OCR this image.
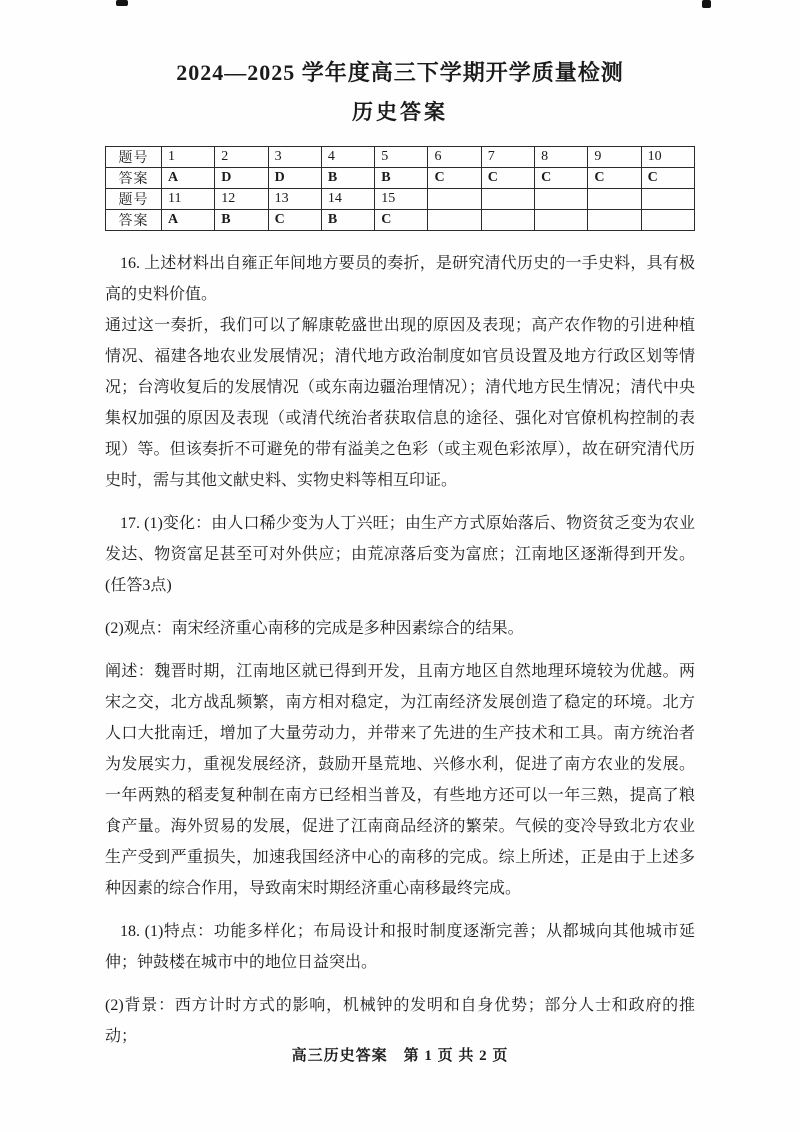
2024—2025 学年度高三下学期开学质量检测
历史答案
题号	1	2	3	4	5	6	7	8	9	10
答案	A	D	D	B	B	C	C	C	C	C
题号	11	12	13	14	15					
答案	A	B	C	B	C					

16. 上述材料出自雍正年间地方要员的奏折，是研究清代历史的一手史料，具有极高的史料价值。

通过这一奏折，我们可以了解康乾盛世出现的原因及表现；高产农作物的引进种植情况、福建各地农业发展情况；清代地方政治制度如官员设置及地方行政区划等情况；台湾收复后的发展情况（或东南边疆治理情况）；清代地方民生情况；清代中央集权加强的原因及表现（或清代统治者获取信息的途径、强化对官僚机构控制的表现）等。但该奏折不可避免的带有溢美之色彩（或主观色彩浓厚），故在研究清代历史时，需与其他文献史料、实物史料等相互印证。

17. (1)变化：由人口稀少变为人丁兴旺；由生产方式原始落后、物资贫乏变为农业发达、物资富足甚至可对外供应；由荒凉落后变为富庶；江南地区逐渐得到开发。(任答3点)

(2)观点：南宋经济重心南移的完成是多种因素综合的结果。

阐述：魏晋时期，江南地区就已得到开发，且南方地区自然地理环境较为优越。两宋之交，北方战乱频繁，南方相对稳定，为江南经济发展创造了稳定的环境。北方人口大批南迁，增加了大量劳动力，并带来了先进的生产技术和工具。南方统治者为发展实力，重视发展经济，鼓励开垦荒地、兴修水利，促进了南方农业的发展。一年两熟的稻麦复种制在南方已经相当普及，有些地方还可以一年三熟，提高了粮食产量。海外贸易的发展，促进了江南商品经济的繁荣。气候的变冷导致北方农业生产受到严重损失，加速我国经济中心的南移的完成。综上所述，正是由于上述多种因素的综合作用，导致南宋时期经济重心南移最终完成。

18. (1)特点：功能多样化；布局设计和报时制度逐渐完善；从都城向其他城市延伸；钟鼓楼在城市中的地位日益突出。

(2)背景：西方计时方式的影响，机械钟的发明和自身优势；部分人士和政府的推动；

高三历史答案　第 1 页 共 2 页
